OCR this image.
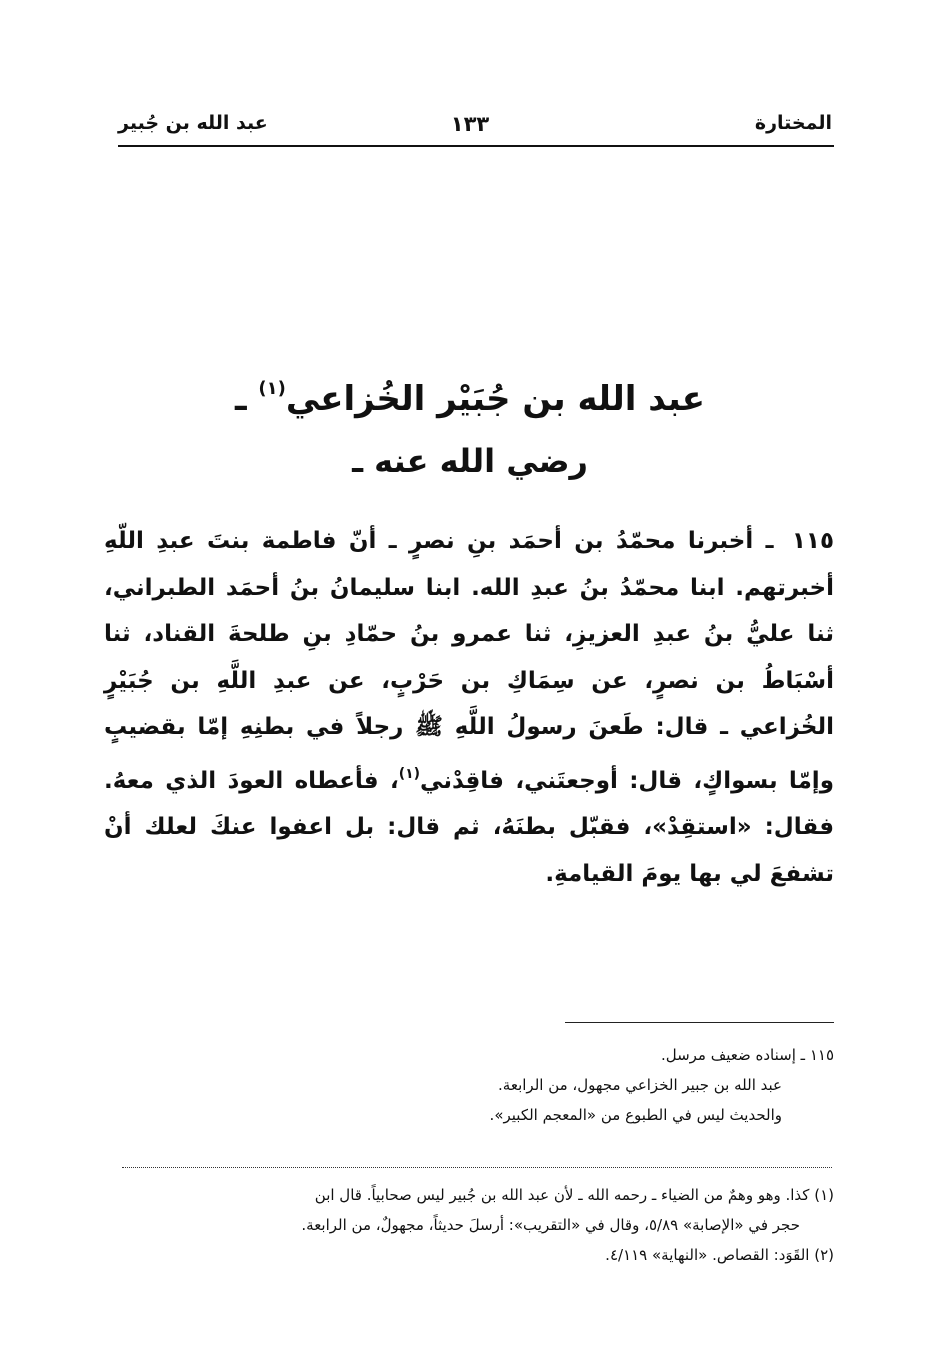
المختارة
١٣٣
عبد الله بن جُبير
عبد الله بن جُبَيْر الخُزاعي$^{(١)}$ ـ
رضي الله عنه ـ

١١٥ ـ أخبرنا محمّدُ بن أحمَد بنِ نصرٍ ـ أنّ فاطمة بنتَ عبدِ اللّهِ أخبرتهم. ابنا محمّدُ بنُ عبدِ الله. ابنا سليمانُ بنُ أحمَد الطبراني، ثنا عليُّ بنُ عبدِ العزيزِ، ثنا عمرو بنُ حمّادِ بنِ طلحةَ القناد، ثنا أسْبَاطُ بن نصرٍ، عن سِمَاكِ بن حَرْبٍ، عن عبدِ اللَّهِ بن جُبَيْرٍ الخُزاعي ـ قال: طَعنَ رسولُ اللَّهِ ﷺ رجلاً في بطنِهِ إمّا بقضيبٍ وإمّا بسواكٍ، قال: أوجعتَني، فاقِدْني$^{(١)}$، فأعطاه العودَ الذي معهُ. فقال: «استقِدْ»، فقبّل بطنَهُ، ثم قال: بل اعفوا عنكَ لعلك أنْ تشفعَ لي بها يومَ القيامةِ.

١١٥ ـ إسناده ضعيف مرسل.

عبد الله بن جبير الخزاعي مجهول، من الرابعة.

والحديث ليس في الطبوع من «المعجم الكبير».

(١) كذا. وهو وهمٌ من الضياء ـ رحمه الله ـ لأن عبد الله بن جُبير ليس صحابياً. قال ابن

حجر في «الإصابة» ٥/٨٩، وقال في «التقريب»: أرسلَ حديثاً، مجهولٌ، من الرابعة.

(٢) القَوَد: القصاص. «النهاية» ٤/١١٩.
